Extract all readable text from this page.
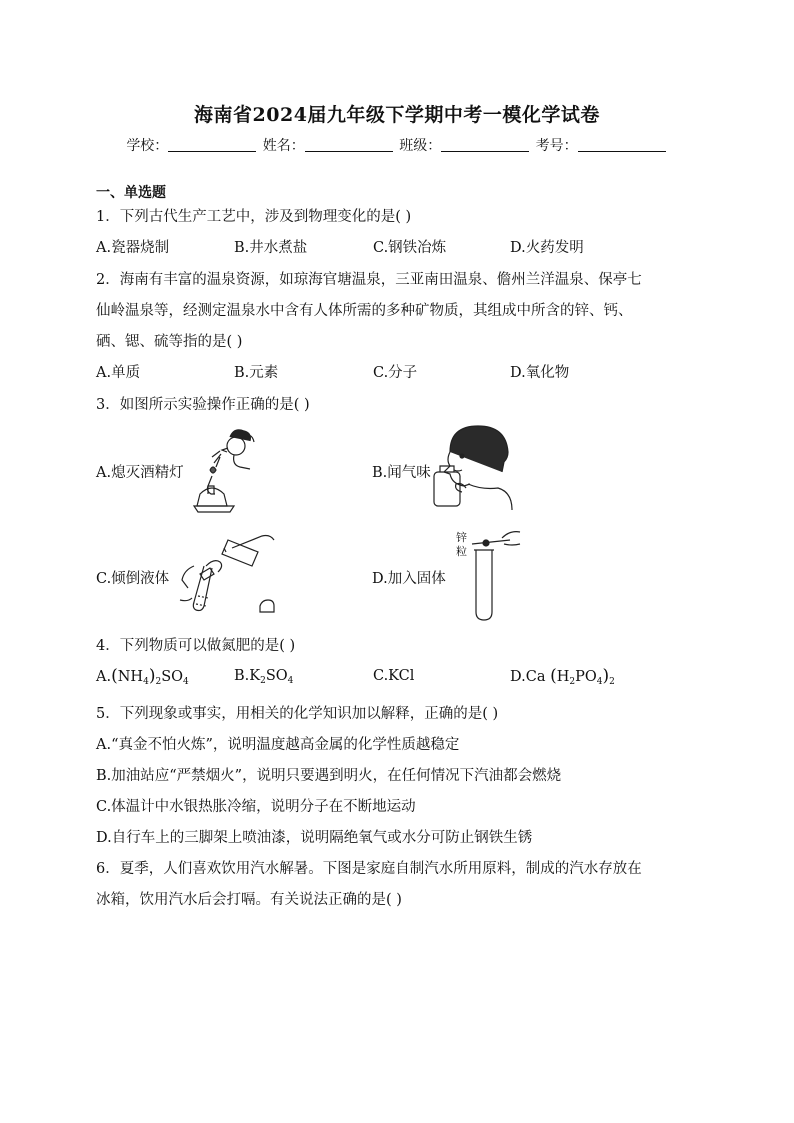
海南省2024届九年级下学期中考一模化学试卷
学校：	姓名：	班级：	考号：
一、单选题
1．下列古代生产工艺中，涉及到物理变化的是( )
A.瓷器烧制	B.井水煮盐	C.钢铁冶炼	D.火药发明
2．海南有丰富的温泉资源，如琼海官塘温泉，三亚南田温泉、儋州兰洋温泉、保亭七
仙岭温泉等，经测定温泉水中含有人体所需的多种矿物质，其组成中所含的锌、钙、
硒、锶、硫等指的是( )
A.单质	B.元素	C.分子	D.氧化物
3．如图所示实验操作正确的是( )
A.熄灭酒精灯	B.闻气味
C.倾倒液体	D.加入固体
锌
粒
4．下列物质可以做氮肥的是( )
$A.(NH_4)_2SO_4$	$B.K_2SO_4$	C.KCl	D.Ca $(H_2PO_4)_2$
5．下列现象或事实，用相关的化学知识加以解释，正确的是( )
A.“真金不怕火炼”，说明温度越高金属的化学性质越稳定
B.加油站应“严禁烟火”，说明只要遇到明火，在任何情况下汽油都会燃烧
C.体温计中水银热胀冷缩，说明分子在不断地运动
D.自行车上的三脚架上喷油漆，说明隔绝氧气或水分可防止钢铁生锈
6．夏季，人们喜欢饮用汽水解暑。下图是家庭自制汽水所用原料，制成的汽水存放在
冰箱，饮用汽水后会打嗝。有关说法正确的是( )
